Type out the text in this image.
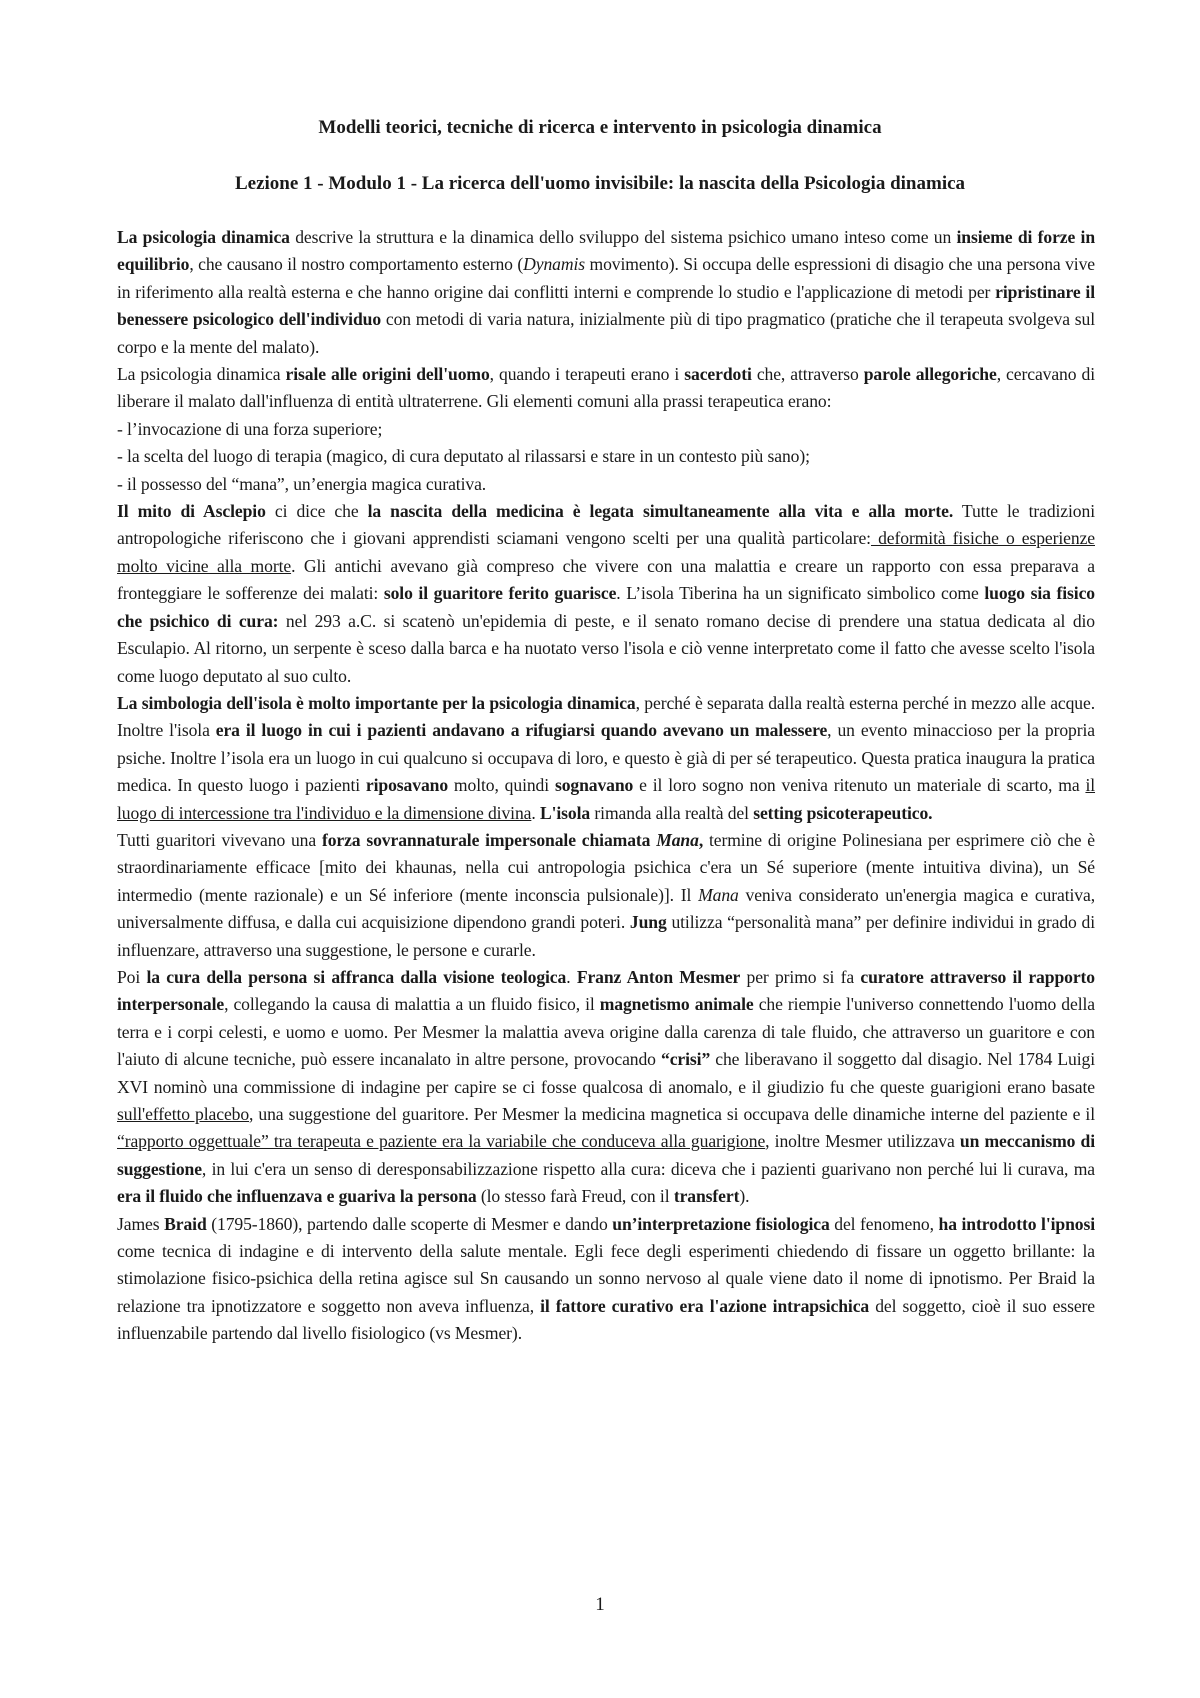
Modelli teorici, tecniche di ricerca e intervento in psicologia dinamica
Lezione 1 - Modulo 1 - La ricerca dell'uomo invisibile: la nascita della Psicologia dinamica

La psicologia dinamica descrive la struttura e la dinamica dello sviluppo del sistema psichico umano inteso come un insieme di forze in equilibrio, che causano il nostro comportamento esterno (Dynamis movimento). Si occupa delle espressioni di disagio che una persona vive in riferimento alla realtà esterna e che hanno origine dai conflitti interni e comprende lo studio e l'applicazione di metodi per ripristinare il benessere psicologico dell'individuo con metodi di varia natura, inizialmente più di tipo pragmatico (pratiche che il terapeuta svolgeva sul corpo e la mente del malato).

La psicologia dinamica risale alle origini dell'uomo, quando i terapeuti erano i sacerdoti che, attraverso parole allegoriche, cercavano di liberare il malato dall'influenza di entità ultraterrene. Gli elementi comuni alla prassi terapeutica erano:

- l’invocazione di una forza superiore;

- la scelta del luogo di terapia (magico, di cura deputato al rilassarsi e stare in un contesto più sano);

- il possesso del “mana”, un’energia magica curativa.

Il mito di Asclepio ci dice che la nascita della medicina è legata simultaneamente alla vita e alla morte. Tutte le tradizioni antropologiche riferiscono che i giovani apprendisti sciamani vengono scelti per una qualità particolare: deformità fisiche o esperienze molto vicine alla morte. Gli antichi avevano già compreso che vivere con una malattia e creare un rapporto con essa preparava a fronteggiare le sofferenze dei malati: solo il guaritore ferito guarisce. L’isola Tiberina ha un significato simbolico come luogo sia fisico che psichico di cura: nel 293 a.C. si scatenò un'epidemia di peste, e il senato romano decise di prendere una statua dedicata al dio Esculapio. Al ritorno, un serpente è sceso dalla barca e ha nuotato verso l'isola e ciò venne interpretato come il fatto che avesse scelto l'isola come luogo deputato al suo culto.

La simbologia dell'isola è molto importante per la psicologia dinamica, perché è separata dalla realtà esterna perché in mezzo alle acque. Inoltre l'isola era il luogo in cui i pazienti andavano a rifugiarsi quando avevano un malessere, un evento minaccioso per la propria psiche. Inoltre l’isola era un luogo in cui qualcuno si occupava di loro, e questo è già di per sé terapeutico. Questa pratica inaugura la pratica medica. In questo luogo i pazienti riposavano molto, quindi sognavano e il loro sogno non veniva ritenuto un materiale di scarto, ma il luogo di intercessione tra l'individuo e la dimensione divina. L'isola rimanda alla realtà del setting psicoterapeutico.

Tutti guaritori vivevano una forza sovrannaturale impersonale chiamata Mana, termine di origine Polinesiana per esprimere ciò che è straordinariamente efficace [mito dei khaunas, nella cui antropologia psichica c'era un Sé superiore (mente intuitiva divina), un Sé intermedio (mente razionale) e un Sé inferiore (mente inconscia pulsionale)]. Il Mana veniva considerato un'energia magica e curativa, universalmente diffusa, e dalla cui acquisizione dipendono grandi poteri. Jung utilizza “personalità mana” per definire individui in grado di influenzare, attraverso una suggestione, le persone e curarle.

Poi la cura della persona si affranca dalla visione teologica. Franz Anton Mesmer per primo si fa curatore attraverso il rapporto interpersonale, collegando la causa di malattia a un fluido fisico, il magnetismo animale che riempie l'universo connettendo l'uomo della terra e i corpi celesti, e uomo e uomo. Per Mesmer la malattia aveva origine dalla carenza di tale fluido, che attraverso un guaritore e con l'aiuto di alcune tecniche, può essere incanalato in altre persone, provocando “crisi” che liberavano il soggetto dal disagio. Nel 1784 Luigi XVI nominò una commissione di indagine per capire se ci fosse qualcosa di anomalo, e il giudizio fu che queste guarigioni erano basate sull'effetto placebo, una suggestione del guaritore. Per Mesmer la medicina magnetica si occupava delle dinamiche interne del paziente e il “rapporto oggettuale” tra terapeuta e paziente era la variabile che conduceva alla guarigione, inoltre Mesmer utilizzava un meccanismo di suggestione, in lui c'era un senso di deresponsabilizzazione rispetto alla cura: diceva che i pazienti guarivano non perché lui li curava, ma era il fluido che influenzava e guariva la persona (lo stesso farà Freud, con il transfert).

James Braid (1795-1860), partendo dalle scoperte di Mesmer e dando un’interpretazione fisiologica del fenomeno, ha introdotto l'ipnosi come tecnica di indagine e di intervento della salute mentale. Egli fece degli esperimenti chiedendo di fissare un oggetto brillante: la stimolazione fisico-psichica della retina agisce sul Sn causando un sonno nervoso al quale viene dato il nome di ipnotismo. Per Braid la relazione tra ipnotizzatore e soggetto non aveva influenza, il fattore curativo era l'azione intrapsichica del soggetto, cioè il suo essere influenzabile partendo dal livello fisiologico (vs Mesmer).

1
